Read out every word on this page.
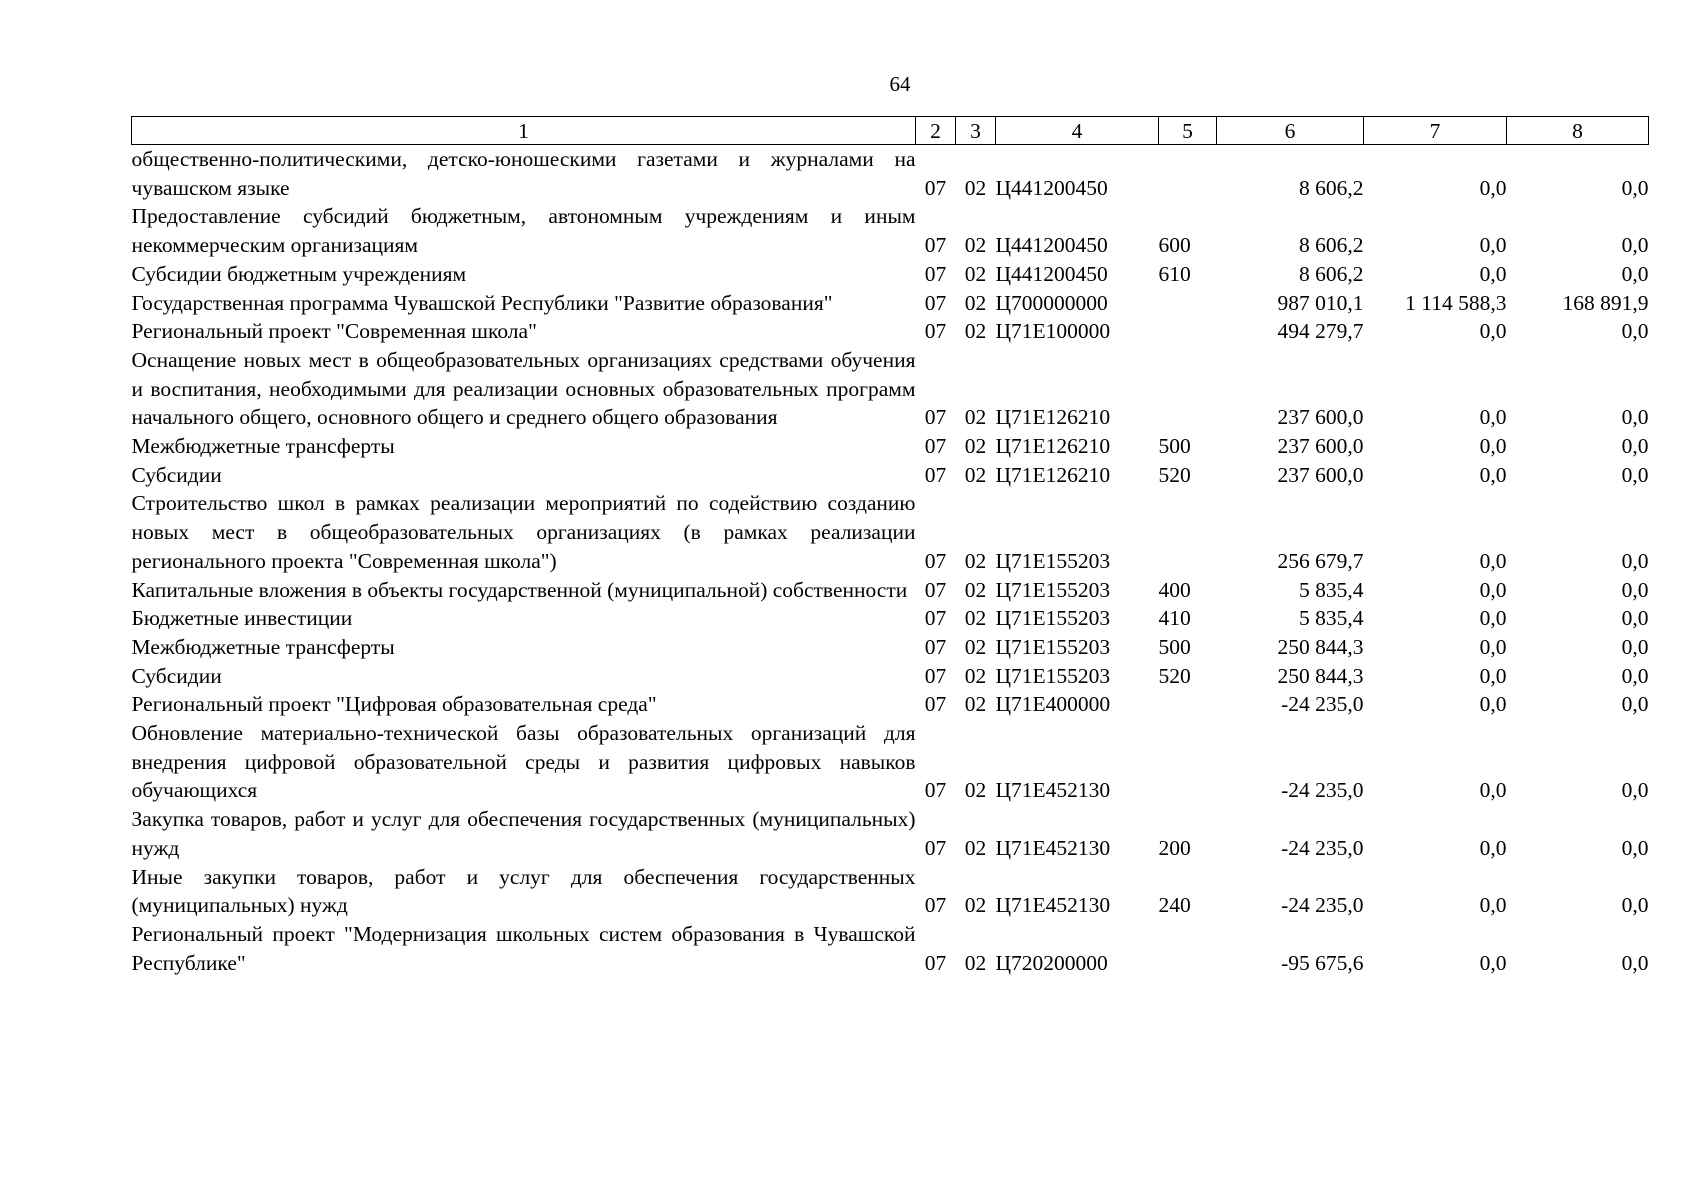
64
1	2	3	4	5	6	7	8
общественно-политическими, детско-юношескими газетами и журналами на чувашском языке	07	02	Ц441200450		8 606,2	0,0	0,0
Предоставление субсидий бюджетным, автономным учреждениям и иным некоммерческим организациям	07	02	Ц441200450	600	8 606,2	0,0	0,0
Субсидии бюджетным учреждениям	07	02	Ц441200450	610	8 606,2	0,0	0,0
Государственная программа Чувашской Республики "Развитие образования"	07	02	Ц700000000		987 010,1	1 114 588,3	168 891,9
Региональный проект "Современная школа"	07	02	Ц71Е100000		494 279,7	0,0	0,0
Оснащение новых мест в общеобразовательных организациях средствами обучения и воспитания, необходимыми для реализации основных образовательных программ начального общего, основного общего и среднего общего образования	07	02	Ц71Е126210		237 600,0	0,0	0,0
Межбюджетные трансферты	07	02	Ц71Е126210	500	237 600,0	0,0	0,0
Субсидии	07	02	Ц71Е126210	520	237 600,0	0,0	0,0
Строительство школ в рамках реализации мероприятий по содействию созданию новых мест в общеобразовательных организациях (в рамках реализации регионального проекта "Современная школа")	07	02	Ц71Е155203		256 679,7	0,0	0,0
Капитальные вложения в объекты государственной (муниципальной) собственности	07	02	Ц71Е155203	400	5 835,4	0,0	0,0
Бюджетные инвестиции	07	02	Ц71Е155203	410	5 835,4	0,0	0,0
Межбюджетные трансферты	07	02	Ц71Е155203	500	250 844,3	0,0	0,0
Субсидии	07	02	Ц71Е155203	520	250 844,3	0,0	0,0
Региональный проект "Цифровая образовательная среда"	07	02	Ц71Е400000		-24 235,0	0,0	0,0
Обновление материально-технической базы образовательных организаций для внедрения цифровой образовательной среды и развития цифровых навыков обучающихся	07	02	Ц71Е452130		-24 235,0	0,0	0,0
Закупка товаров, работ и услуг для обеспечения государственных (муниципальных) нужд	07	02	Ц71Е452130	200	-24 235,0	0,0	0,0
Иные закупки товаров, работ и услуг для обеспечения государственных (муниципальных) нужд	07	02	Ц71Е452130	240	-24 235,0	0,0	0,0
Региональный проект "Модернизация школьных систем образования в Чувашской Республике"	07	02	Ц720200000		-95 675,6	0,0	0,0
